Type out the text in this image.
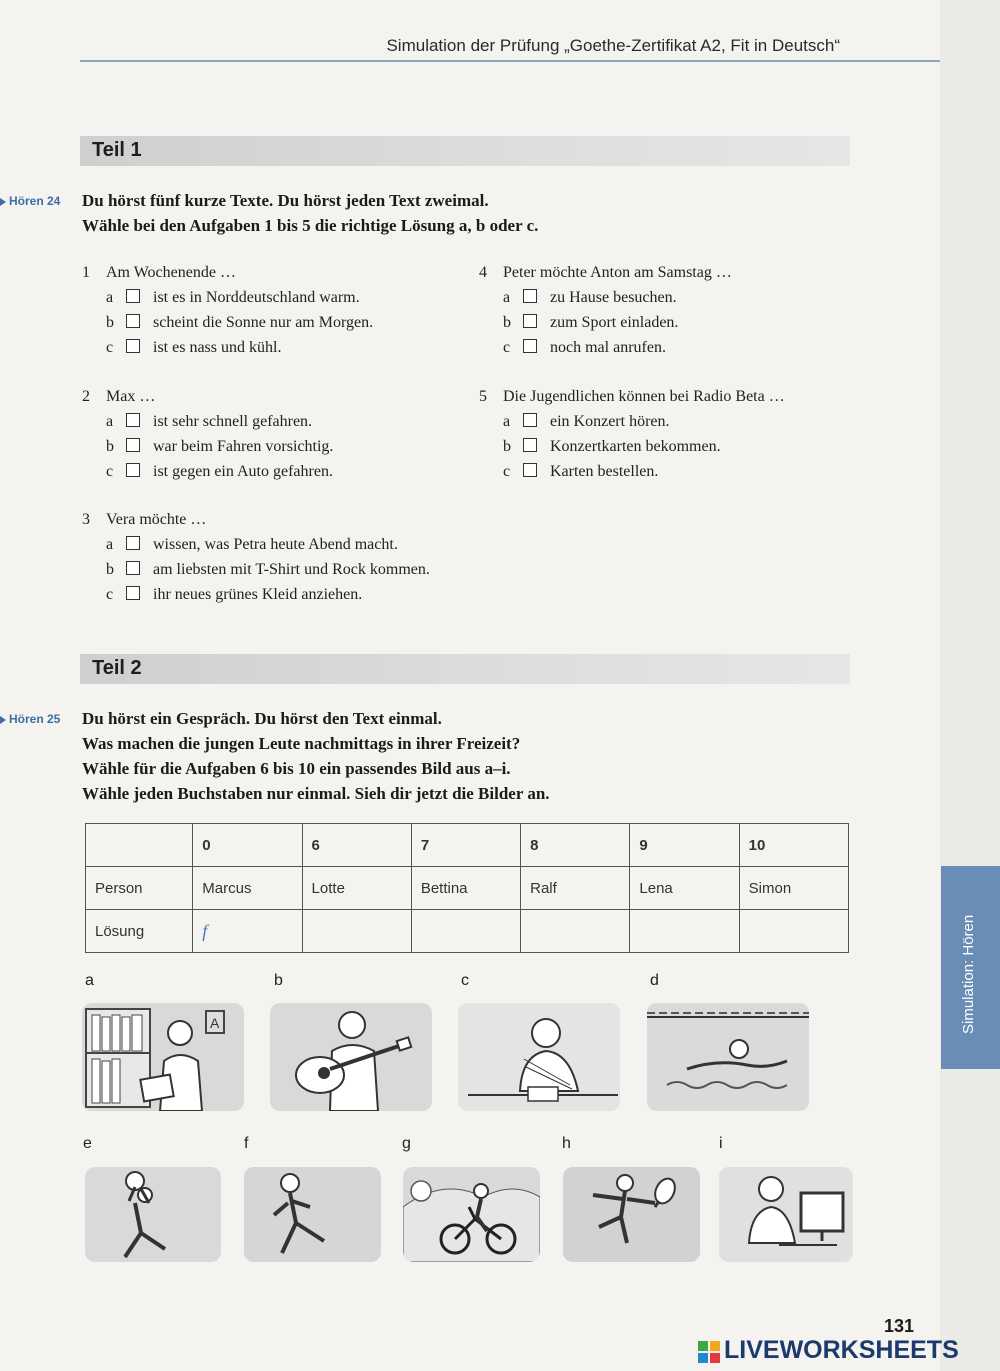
Simulation der Prüfung „Goethe-Zertifikat A2, Fit in Deutsch“
Teil 1
Hören 24 Du hörst fünf kurze Texte. Du hörst jeden Text zweimal.
Wähle bei den Aufgaben 1 bis 5 die richtige Lösung a, b oder c.
1 Am Wochenende …
a ist es in Norddeutschland warm.
b scheint die Sonne nur am Morgen.
c ist es nass und kühl.
2 Max …
a ist sehr schnell gefahren.
b war beim Fahren vorsichtig.
c ist gegen ein Auto gefahren.
3 Vera möchte …
a wissen, was Petra heute Abend macht.
b am liebsten mit T-Shirt und Rock kommen.
c ihr neues grünes Kleid anziehen.
4 Peter möchte Anton am Samstag …
a zu Hause besuchen.
b zum Sport einladen.
c noch mal anrufen.
5 Die Jugendlichen können bei Radio Beta …
a ein Konzert hören.
b Konzertkarten bekommen.
c Karten bestellen.
Teil 2
Hören 25 Du hörst ein Gespräch. Du hörst den Text einmal.
Was machen die jungen Leute nachmittags in ihrer Freizeit?
Wähle für die Aufgaben 6 bis 10 ein passendes Bild aus a–i.
Wähle jeden Buchstaben nur einmal. Sieh dir jetzt die Bilder an.
	0	6	7	8	9	10
Person	Marcus	Lotte	Bettina	Ralf	Lena	Simon
Lösung	f					
a	b	c	d
A
e	f	g	h	i
Simulation: Hören
131
LIVEWORKSHEETS
